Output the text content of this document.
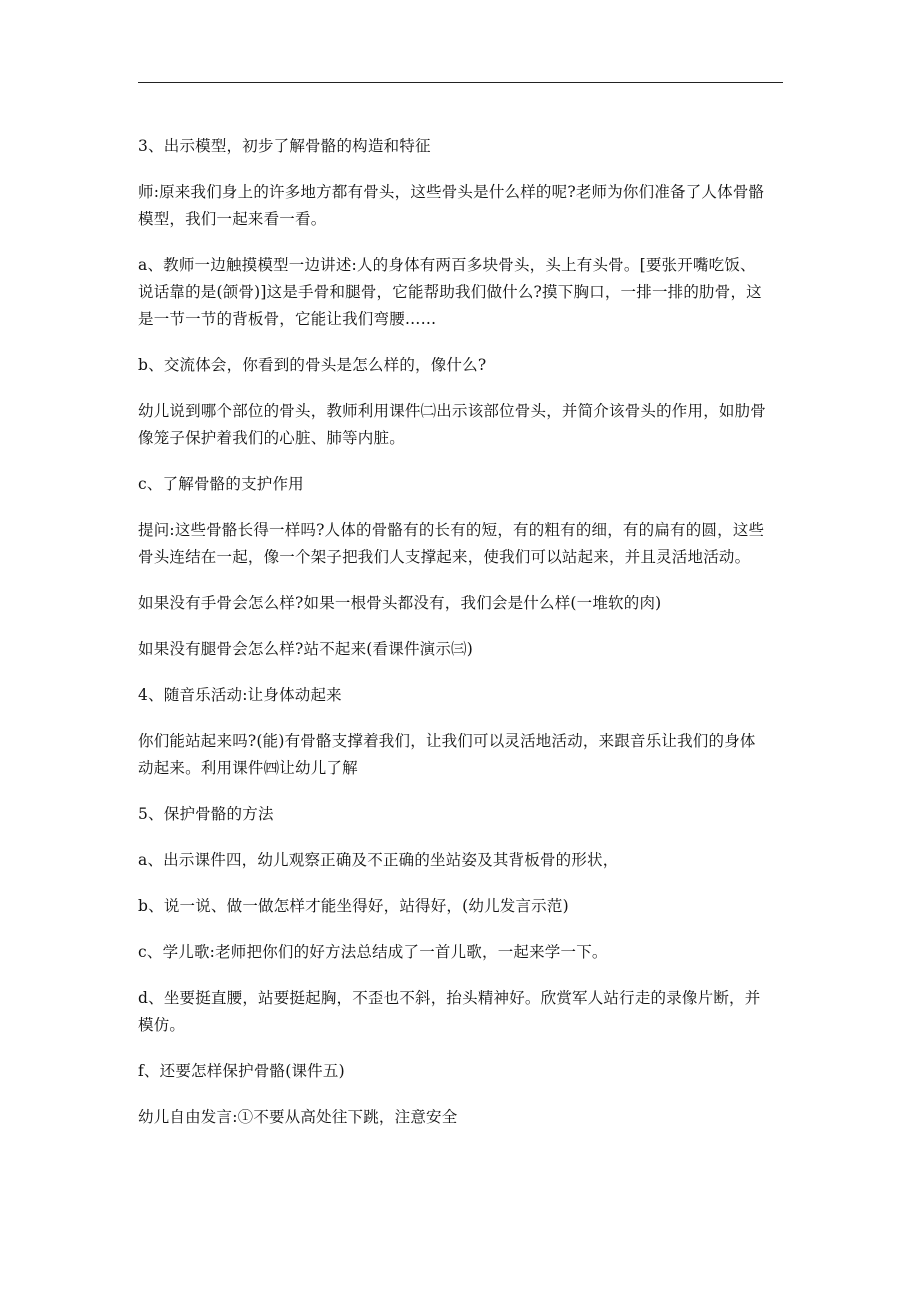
3、出示模型，初步了解骨骼的构造和特征

师:原来我们身上的许多地方都有骨头，这些骨头是什么样的呢?老师为你们准备了人体骨骼
模型，我们一起来看一看。

a、教师一边触摸模型一边讲述:人的身体有两百多块骨头，头上有头骨。[要张开嘴吃饭、
说话靠的是(颌骨)]这是手骨和腿骨，它能帮助我们做什么?摸下胸口，一排一排的肋骨，这
是一节一节的背板骨，它能让我们弯腰……

b、交流体会，你看到的骨头是怎么样的，像什么?

幼儿说到哪个部位的骨头，教师利用课件㈡出示该部位骨头，并简介该骨头的作用，如肋骨
像笼子保护着我们的心脏、肺等内脏。

c、了解骨骼的支护作用

提问:这些骨骼长得一样吗?人体的骨骼有的长有的短，有的粗有的细，有的扁有的圆，这些
骨头连结在一起，像一个架子把我们人支撑起来，使我们可以站起来，并且灵活地活动。

如果没有手骨会怎么样?如果一根骨头都没有，我们会是什么样(一堆软的肉)

如果没有腿骨会怎么样?站不起来(看课件演示㈢)

4、随音乐活动:让身体动起来

你们能站起来吗?(能)有骨骼支撑着我们，让我们可以灵活地活动，来跟音乐让我们的身体
动起来。利用课件㈣让幼儿了解

5、保护骨骼的方法

a、出示课件四，幼儿观察正确及不正确的坐站姿及其背板骨的形状，

b、说一说、做一做怎样才能坐得好，站得好，(幼儿发言示范)

c、学儿歌:老师把你们的好方法总结成了一首儿歌，一起来学一下。

d、坐要挺直腰，站要挺起胸，不歪也不斜，抬头精神好。欣赏军人站行走的录像片断，并
模仿。

f、还要怎样保护骨骼(课件五)

幼儿自由发言:①不要从高处往下跳，注意安全
